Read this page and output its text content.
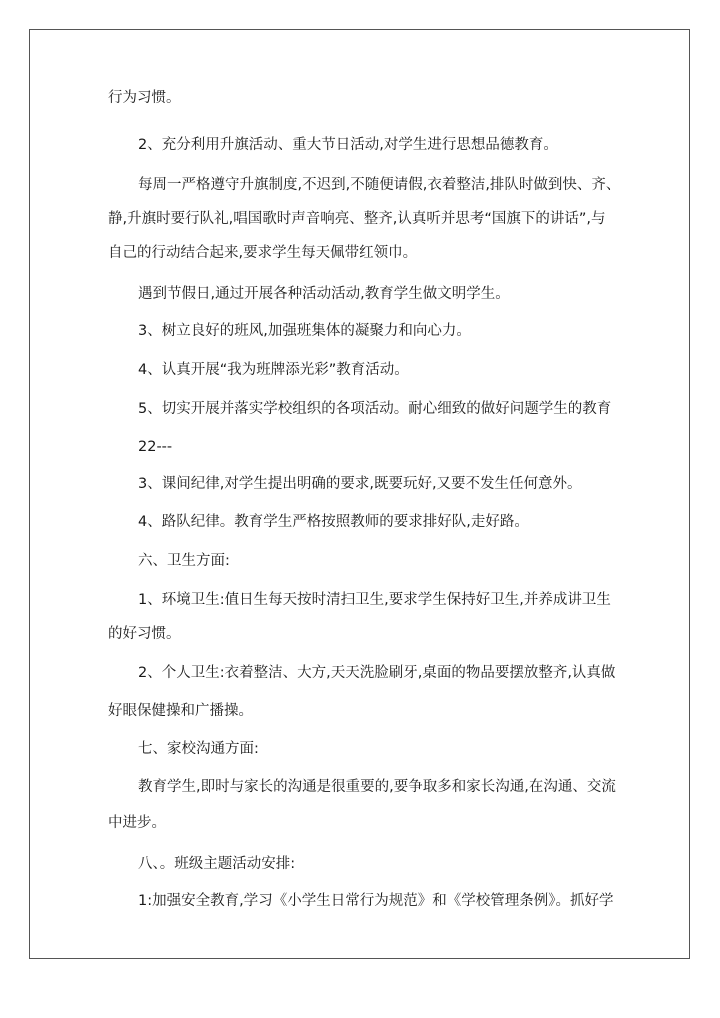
行为习惯。
2、充分利用升旗活动、重大节日活动,对学生进行思想品德教育。
每周一严格遵守升旗制度,不迟到,不随便请假,衣着整洁,排队时做到快、齐、
静,升旗时要行队礼,唱国歌时声音响亮、整齐,认真听并思考“国旗下的讲话”,与
自己的行动结合起来,要求学生每天佩带红领巾。
遇到节假日,通过开展各种活动活动,教育学生做文明学生。
3、树立良好的班风,加强班集体的凝聚力和向心力。
4、认真开展“我为班牌添光彩”教育活动。
5、切实开展并落实学校组织的各项活动。耐心细致的做好问题学生的教育
22---
3、课间纪律,对学生提出明确的要求,既要玩好,又要不发生任何意外。
4、路队纪律。教育学生严格按照教师的要求排好队,走好路。
六、卫生方面:
1、环境卫生:值日生每天按时清扫卫生,要求学生保持好卫生,并养成讲卫生
的好习惯。
2、个人卫生:衣着整洁、大方,天天洗脸刷牙,桌面的物品要摆放整齐,认真做
好眼保健操和广播操。
七、家校沟通方面:
教育学生,即时与家长的沟通是很重要的,要争取多和家长沟通,在沟通、交流
中进步。
八、。班级主题活动安排:
1:加强安全教育,学习《小学生日常行为规范》和《学校管理条例》。抓好学
